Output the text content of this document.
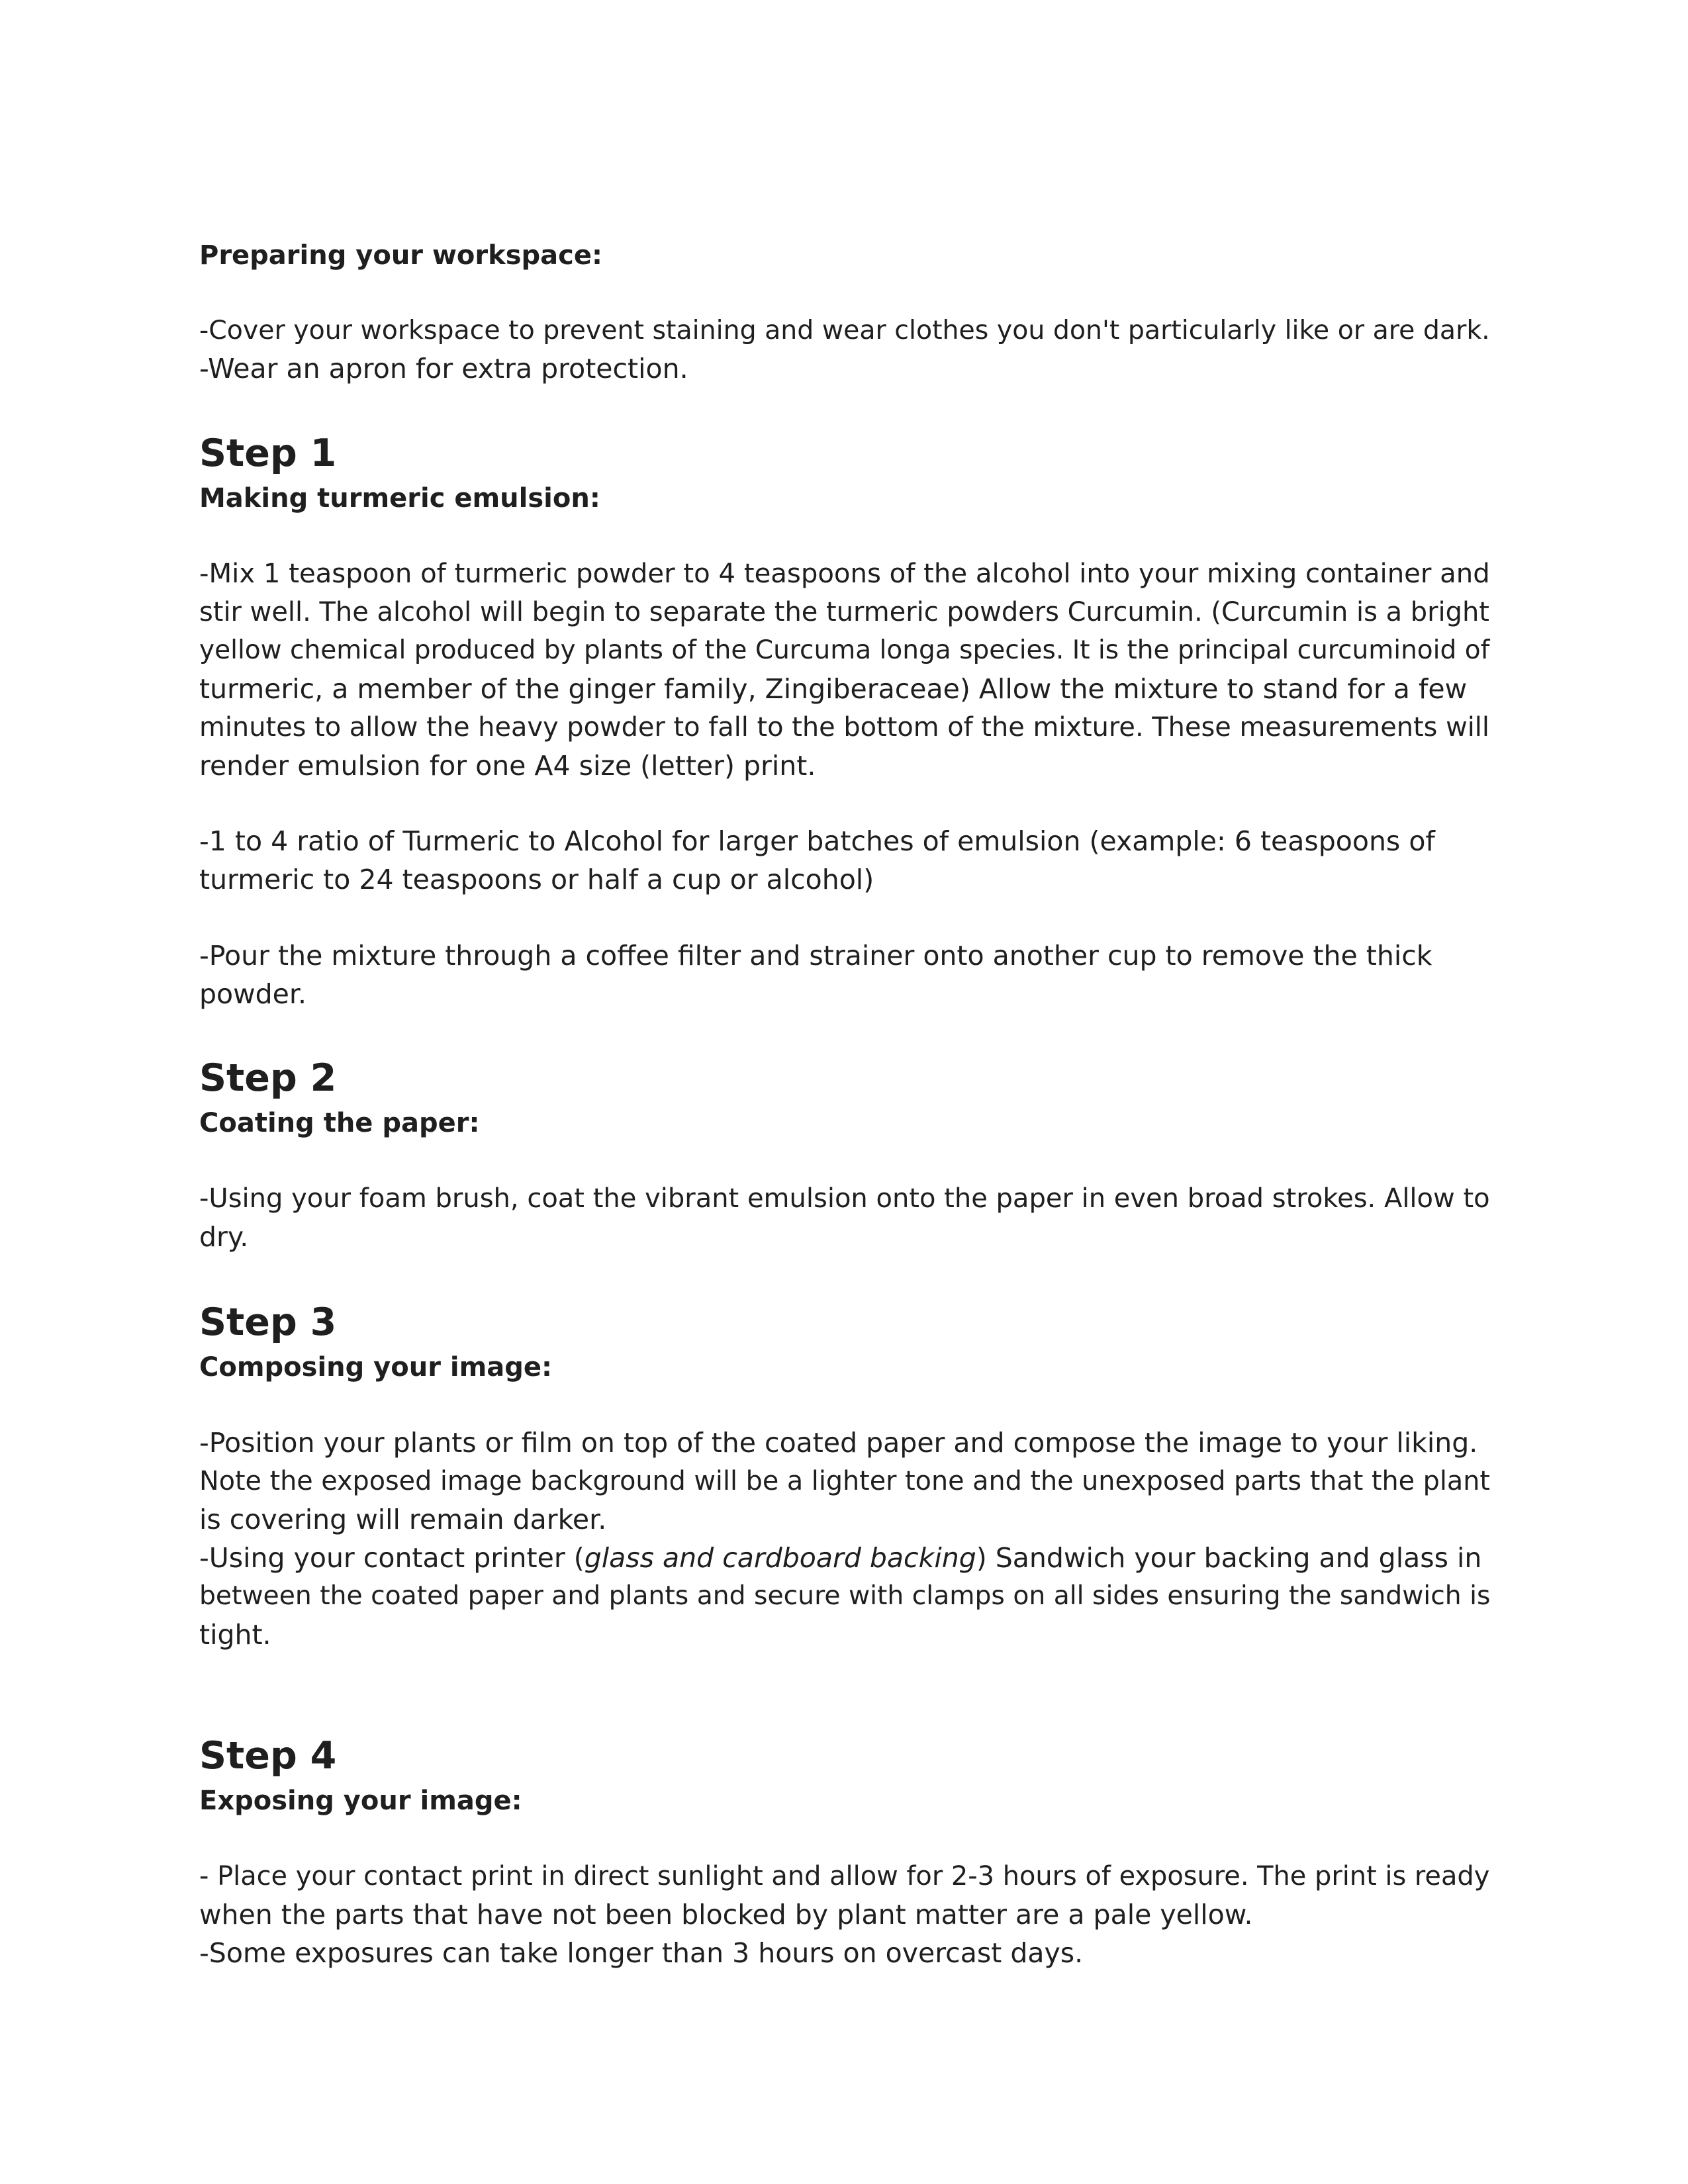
Preparing your workspace:
-Cover your workspace to prevent staining and wear clothes you don't particularly like or are dark.
-Wear an apron for extra protection.
Step 1
Making turmeric emulsion:
-Mix 1 teaspoon of turmeric powder to 4 teaspoons of the alcohol into your mixing container and
stir well. The alcohol will begin to separate the turmeric powders Curcumin. (Curcumin is a bright
yellow chemical produced by plants of the Curcuma longa species. It is the principal curcuminoid of
turmeric, a member of the ginger family, Zingiberaceae) Allow the mixture to stand for a few
minutes to allow the heavy powder to fall to the bottom of the mixture. These measurements will
render emulsion for one A4 size (letter) print.
-1 to 4 ratio of Turmeric to Alcohol for larger batches of emulsion (example: 6 teaspoons of
turmeric to 24 teaspoons or half a cup or alcohol)
-Pour the mixture through a coffee filter and strainer onto another cup to remove the thick
powder.
Step 2
Coating the paper:
-Using your foam brush, coat the vibrant emulsion onto the paper in even broad strokes. Allow to
dry.
Step 3
Composing your image:
-Position your plants or film on top of the coated paper and compose the image to your liking.
Note the exposed image background will be a lighter tone and the unexposed parts that the plant
is covering will remain darker.
-Using your contact printer (glass and cardboard backing) Sandwich your backing and glass in
between the coated paper and plants and secure with clamps on all sides ensuring the sandwich is
tight.
Step 4
Exposing your image:
- Place your contact print in direct sunlight and allow for 2-3 hours of exposure. The print is ready
when the parts that have not been blocked by plant matter are a pale yellow.
-Some exposures can take longer than 3 hours on overcast days.
